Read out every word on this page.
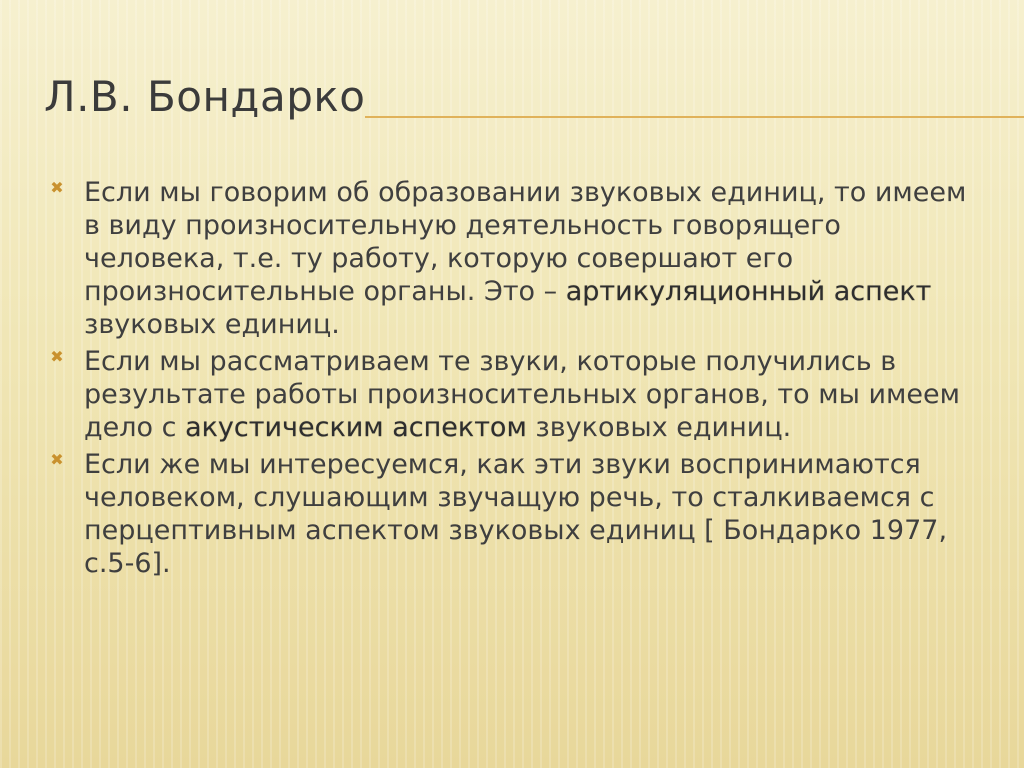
Л.В. Бондарко
✖ Если мы говорим об образовании звуковых единиц, то имеем в виду произносительную деятельность говорящего человека, т.е. ту работу, которую совершают его произносительные органы. Это – артикуляционный аспект звуковых единиц.
✖ Если мы рассматриваем те звуки, которые получились в результате работы произносительных органов, то мы имеем дело с акустическим аспектом звуковых единиц.
✖ Если же мы интересуемся, как эти звуки воспринимаются человеком, слушающим звучащую речь, то сталкиваемся с перцептивным аспектом звуковых единиц [ Бондарко 1977, с.5-6].
